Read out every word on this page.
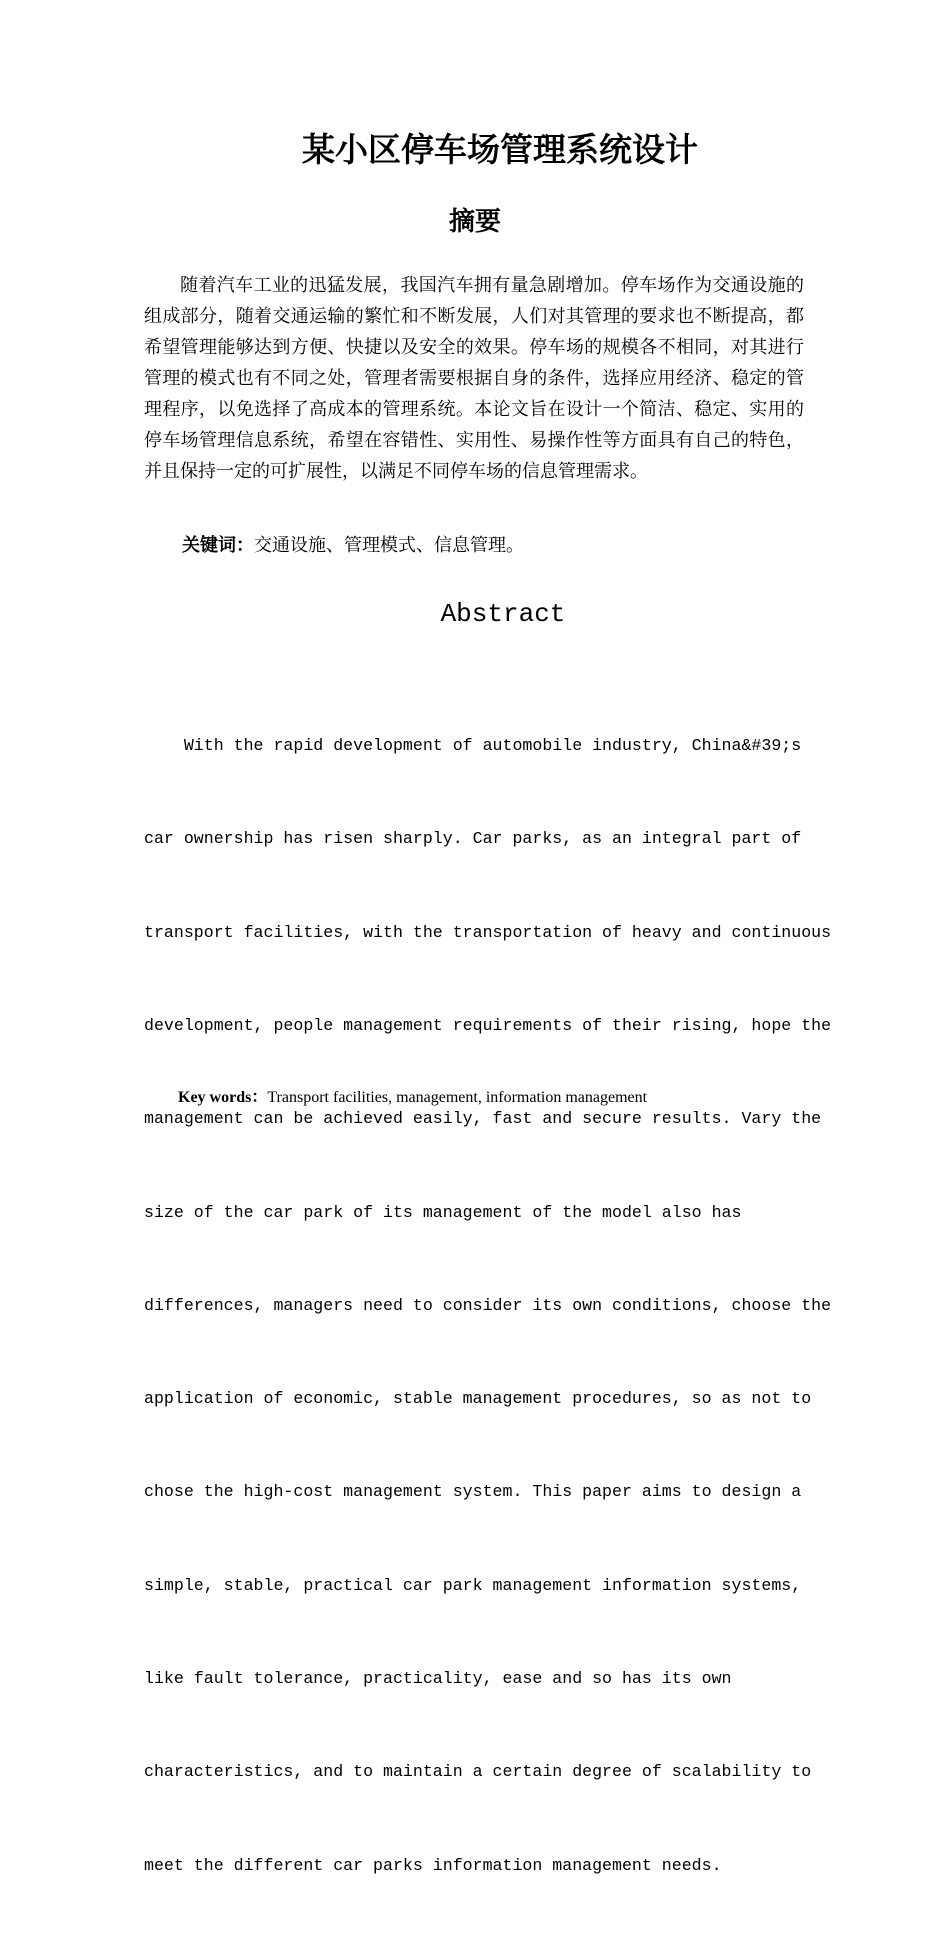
某小区停车场管理系统设计
摘要

随着汽车工业的迅猛发展，我国汽车拥有量急剧增加。停车场作为交通设施的组成部分，随着交通运输的繁忙和不断发展，人们对其管理的要求也不断提高，都希望管理能够达到方便、快捷以及安全的效果。停车场的规模各不相同，对其进行管理的模式也有不同之处，管理者需要根据自身的条件，选择应用经济、稳定的管理程序，以免选择了高成本的管理系统。本论文旨在设计一个简洁、稳定、实用的停车场管理信息系统，希望在容错性、实用性、易操作性等方面具有自己的特色，并且保持一定的可扩展性，以满足不同停车场的信息管理需求。

关键词：交通设施、管理模式、信息管理。
Abstract

With the rapid development of automobile industry, China&#39;s

car ownership has risen sharply. Car parks, as an integral part of

transport facilities, with the transportation of heavy and continuous

development, people management requirements of their rising, hope the

management can be achieved easily, fast and secure results. Vary the

size of the car park of its management of the model also has

differences, managers need to consider its own conditions, choose the

application of economic, stable management procedures, so as not to

chose the high-cost management system. This paper aims to design a

simple, stable, practical car park management information systems,

like fault tolerance, practicality, ease and so has its own

characteristics, and to maintain a certain degree of scalability to

meet the different car parks information management needs.

Key words：Transport facilities, management, information management
